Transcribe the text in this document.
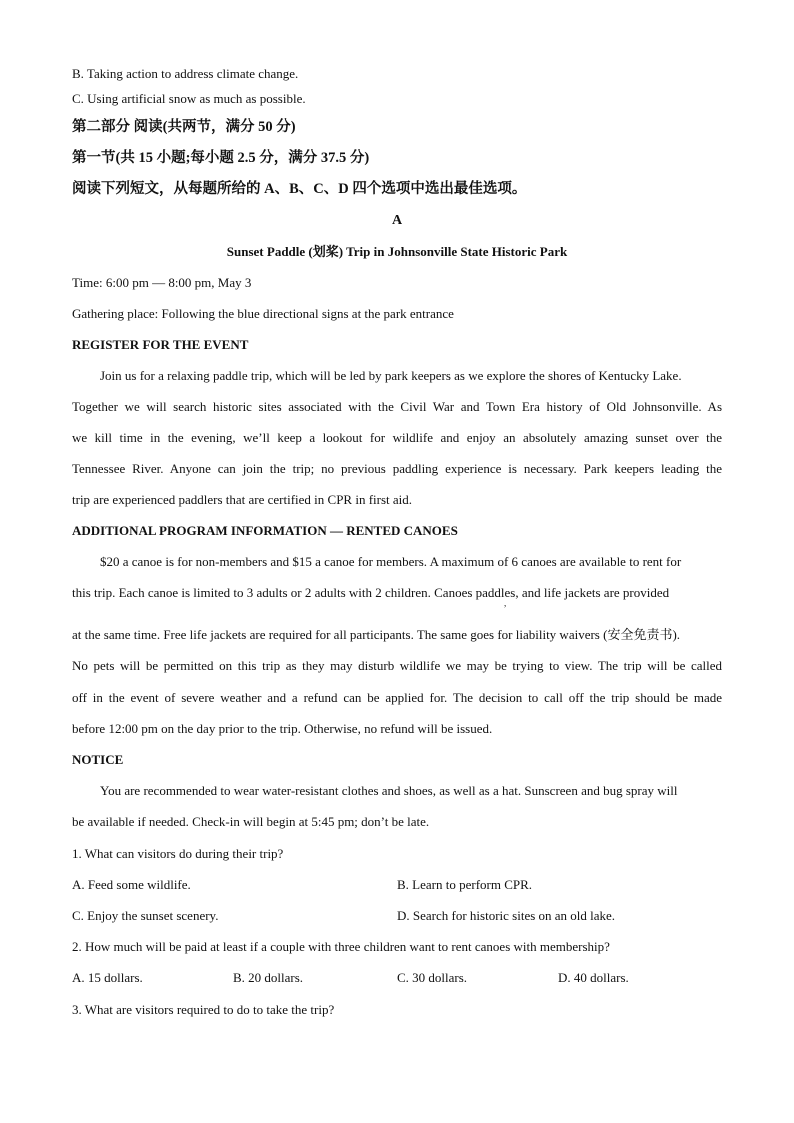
B. Taking action to address climate change.
C. Using artificial snow as much as possible.
第二部分 阅读(共两节，满分 50 分)
第一节(共 15 小题;每小题 2.5 分，满分 37.5 分)
阅读下列短文，从每题所给的 A、B、C、D 四个选项中选出最佳选项。
A
Sunset Paddle (划桨) Trip in Johnsonville State Historic Park
Time: 6:00 pm — 8:00 pm, May 3
Gathering place: Following the blue directional signs at the park entrance
REGISTER FOR THE EVENT
Join us for a relaxing paddle trip, which will be led by park keepers as we explore the shores of Kentucky Lake.
Together we will search historic sites associated with the Civil War and Town Era history of Old Johnsonville. As
we kill time in the evening, we’ll keep a lookout for wildlife and enjoy an absolutely amazing sunset over the
Tennessee River. Anyone can join the trip; no previous paddling experience is necessary. Park keepers leading the
trip are experienced paddlers that are certified in CPR in first aid.
ADDITIONAL PROGRAM INFORMATION — RENTED CANOES
$20 a canoe is for non-members and $15 a canoe for members. A maximum of 6 canoes are available to rent for
this trip. Each canoe is limited to 3 adults or 2 adults with 2 children. Canoes paddles, and life jackets are provided
,
at the same time. Free life jackets are required for all participants. The same goes for liability waivers (安全免责书).
No pets will be permitted on this trip as they may disturb wildlife we may be trying to view. The trip will be called
off in the event of severe weather and a refund can be applied for. The decision to call off the trip should be made
before 12:00 pm on the day prior to the trip. Otherwise, no refund will be issued.
NOTICE
You are recommended to wear water-resistant clothes and shoes, as well as a hat. Sunscreen and bug spray will
be available if needed. Check-in will begin at 5:45 pm; don’t be late.
1. What can visitors do during their trip?
A. Feed some wildlife.	B. Learn to perform CPR.
C. Enjoy the sunset scenery.	D. Search for historic sites on an old lake.
2. How much will be paid at least if a couple with three children want to rent canoes with membership?
A. 15 dollars.	B. 20 dollars.	C. 30 dollars.	D. 40 dollars.
3. What are visitors required to do to take the trip?
